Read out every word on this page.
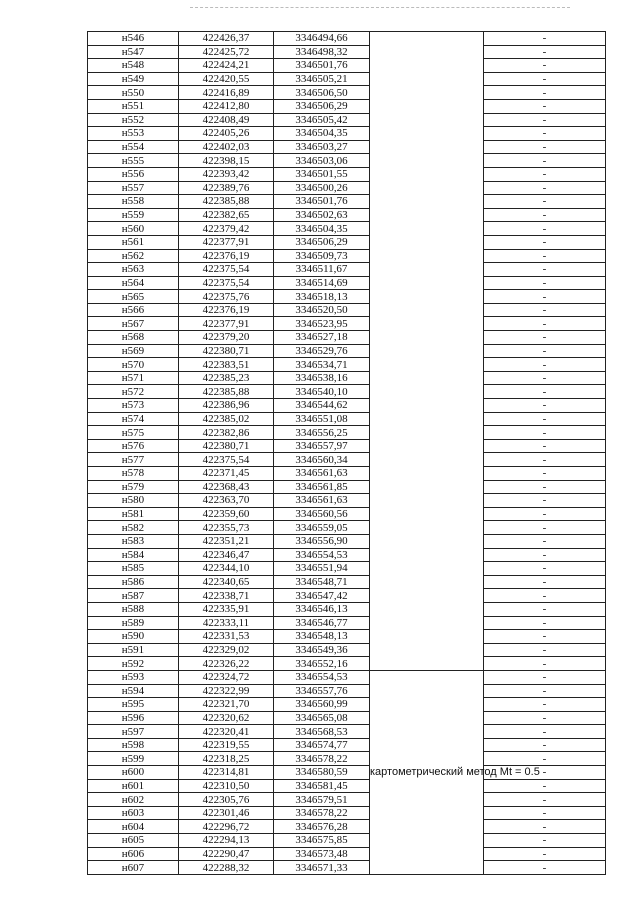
н546	422426,37	3346494,66		-
н547	422425,72	3346498,32		-
н548	422424,21	3346501,76		-
н549	422420,55	3346505,21		-
н550	422416,89	3346506,50		-
н551	422412,80	3346506,29		-
н552	422408,49	3346505,42		-
н553	422405,26	3346504,35		-
н554	422402,03	3346503,27		-
н555	422398,15	3346503,06		-
н556	422393,42	3346501,55		-
н557	422389,76	3346500,26		-
н558	422385,88	3346501,76		-
н559	422382,65	3346502,63		-
н560	422379,42	3346504,35		-
н561	422377,91	3346506,29		-
н562	422376,19	3346509,73		-
н563	422375,54	3346511,67		-
н564	422375,54	3346514,69		-
н565	422375,76	3346518,13		-
н566	422376,19	3346520,50		-
н567	422377,91	3346523,95		-
н568	422379,20	3346527,18		-
н569	422380,71	3346529,76		-
н570	422383,51	3346534,71		-
н571	422385,23	3346538,16		-
н572	422385,88	3346540,10		-
н573	422386,96	3346544,62		-
н574	422385,02	3346551,08		-
н575	422382,86	3346556,25		-
н576	422380,71	3346557,97		-
н577	422375,54	3346560,34		-
н578	422371,45	3346561,63		-
н579	422368,43	3346561,85		-
н580	422363,70	3346561,63		-
н581	422359,60	3346560,56		-
н582	422355,73	3346559,05		-
н583	422351,21	3346556,90		-
н584	422346,47	3346554,53		-
н585	422344,10	3346551,94		-
н586	422340,65	3346548,71		-
н587	422338,71	3346547,42		-
н588	422335,91	3346546,13		-
н589	422333,11	3346546,77		-
н590	422331,53	3346548,13		-
н591	422329,02	3346549,36		-
н592	422326,22	3346552,16		-
н593	422324,72	3346554,53	картометрический метод Mt = 0.5	-
н594	422322,99	3346557,76		-
н595	422321,70	3346560,99		-
н596	422320,62	3346565,08		-
н597	422320,41	3346568,53		-
н598	422319,55	3346574,77		-
н599	422318,25	3346578,22		-
н600	422314,81	3346580,59		-
н601	422310,50	3346581,45		-
н602	422305,76	3346579,51		-
н603	422301,46	3346578,22		-
н604	422296,72	3346576,28		-
н605	422294,13	3346575,85		-
н606	422290,47	3346573,48		-
н607	422288,32	3346571,33		-
